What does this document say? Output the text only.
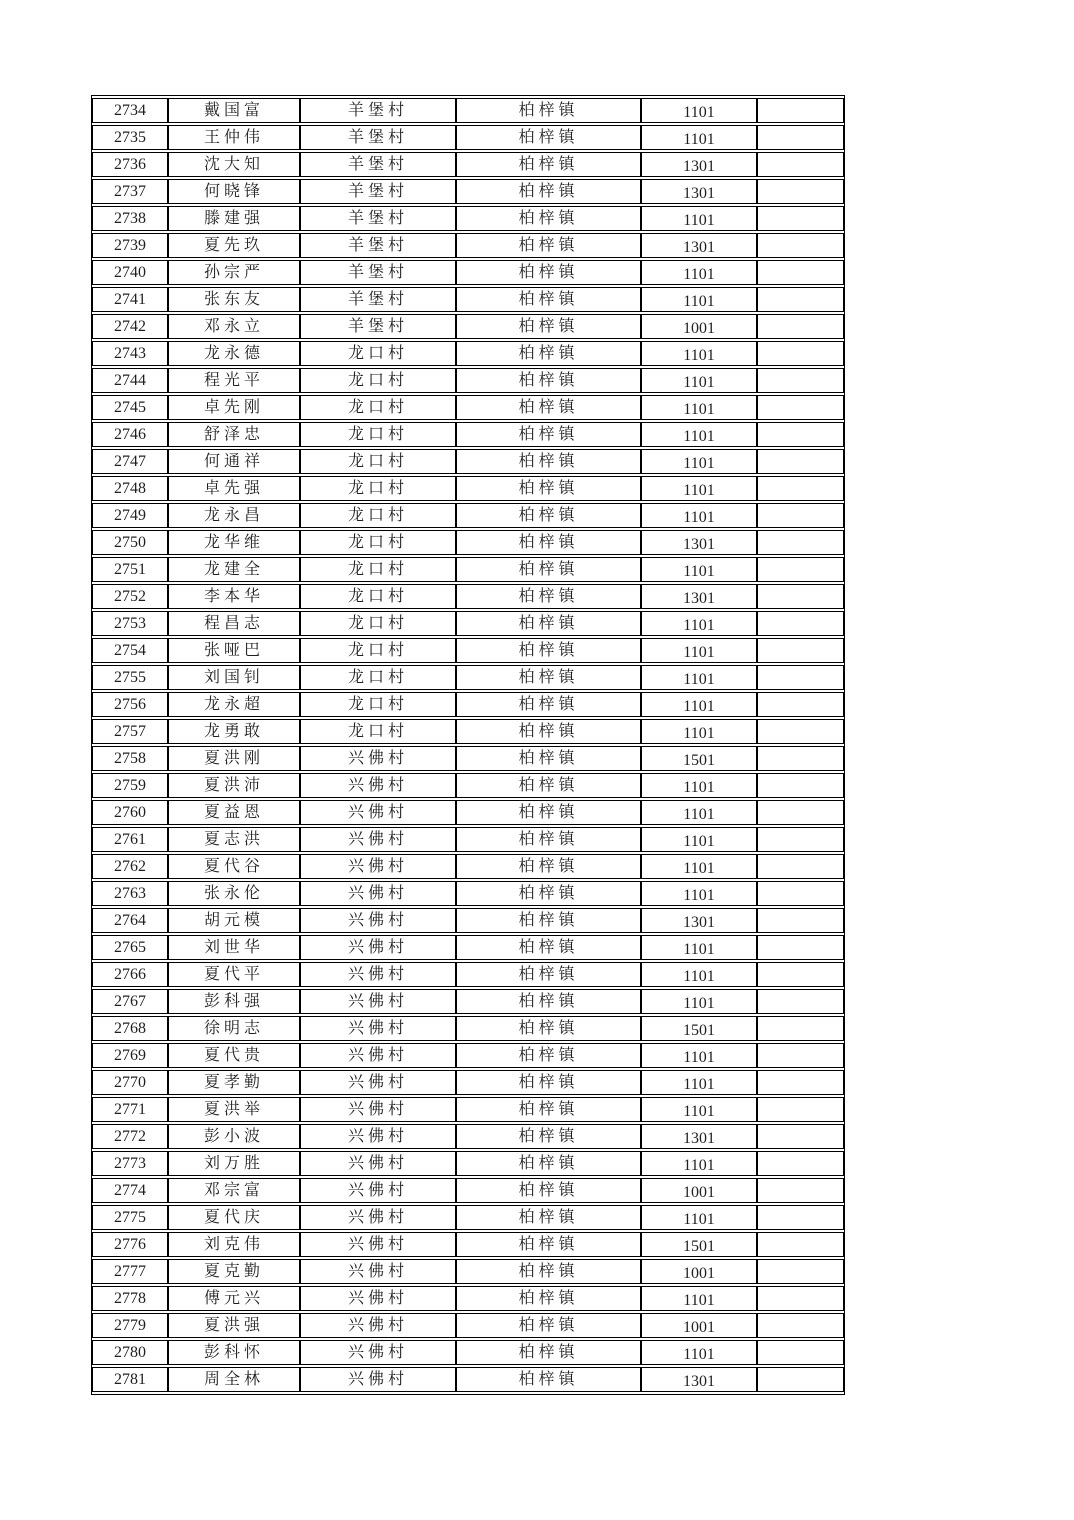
2734	戴国富	羊堡村	柏梓镇	1101	
2735	王仲伟	羊堡村	柏梓镇	1101	
2736	沈大知	羊堡村	柏梓镇	1301	
2737	何晓锋	羊堡村	柏梓镇	1301	
2738	滕建强	羊堡村	柏梓镇	1101	
2739	夏先玖	羊堡村	柏梓镇	1301	
2740	孙宗严	羊堡村	柏梓镇	1101	
2741	张东友	羊堡村	柏梓镇	1101	
2742	邓永立	羊堡村	柏梓镇	1001	
2743	龙永德	龙口村	柏梓镇	1101	
2744	程光平	龙口村	柏梓镇	1101	
2745	卓先刚	龙口村	柏梓镇	1101	
2746	舒泽忠	龙口村	柏梓镇	1101	
2747	何通祥	龙口村	柏梓镇	1101	
2748	卓先强	龙口村	柏梓镇	1101	
2749	龙永昌	龙口村	柏梓镇	1101	
2750	龙华维	龙口村	柏梓镇	1301	
2751	龙建全	龙口村	柏梓镇	1101	
2752	李本华	龙口村	柏梓镇	1301	
2753	程昌志	龙口村	柏梓镇	1101	
2754	张哑巴	龙口村	柏梓镇	1101	
2755	刘国钊	龙口村	柏梓镇	1101	
2756	龙永超	龙口村	柏梓镇	1101	
2757	龙勇敢	龙口村	柏梓镇	1101	
2758	夏洪刚	兴佛村	柏梓镇	1501	
2759	夏洪沛	兴佛村	柏梓镇	1101	
2760	夏益恩	兴佛村	柏梓镇	1101	
2761	夏志洪	兴佛村	柏梓镇	1101	
2762	夏代谷	兴佛村	柏梓镇	1101	
2763	张永伦	兴佛村	柏梓镇	1101	
2764	胡元模	兴佛村	柏梓镇	1301	
2765	刘世华	兴佛村	柏梓镇	1101	
2766	夏代平	兴佛村	柏梓镇	1101	
2767	彭科强	兴佛村	柏梓镇	1101	
2768	徐明志	兴佛村	柏梓镇	1501	
2769	夏代贵	兴佛村	柏梓镇	1101	
2770	夏孝勤	兴佛村	柏梓镇	1101	
2771	夏洪举	兴佛村	柏梓镇	1101	
2772	彭小波	兴佛村	柏梓镇	1301	
2773	刘万胜	兴佛村	柏梓镇	1101	
2774	邓宗富	兴佛村	柏梓镇	1001	
2775	夏代庆	兴佛村	柏梓镇	1101	
2776	刘克伟	兴佛村	柏梓镇	1501	
2777	夏克勤	兴佛村	柏梓镇	1001	
2778	傅元兴	兴佛村	柏梓镇	1101	
2779	夏洪强	兴佛村	柏梓镇	1001	
2780	彭科怀	兴佛村	柏梓镇	1101	
2781	周全林	兴佛村	柏梓镇	1301	
